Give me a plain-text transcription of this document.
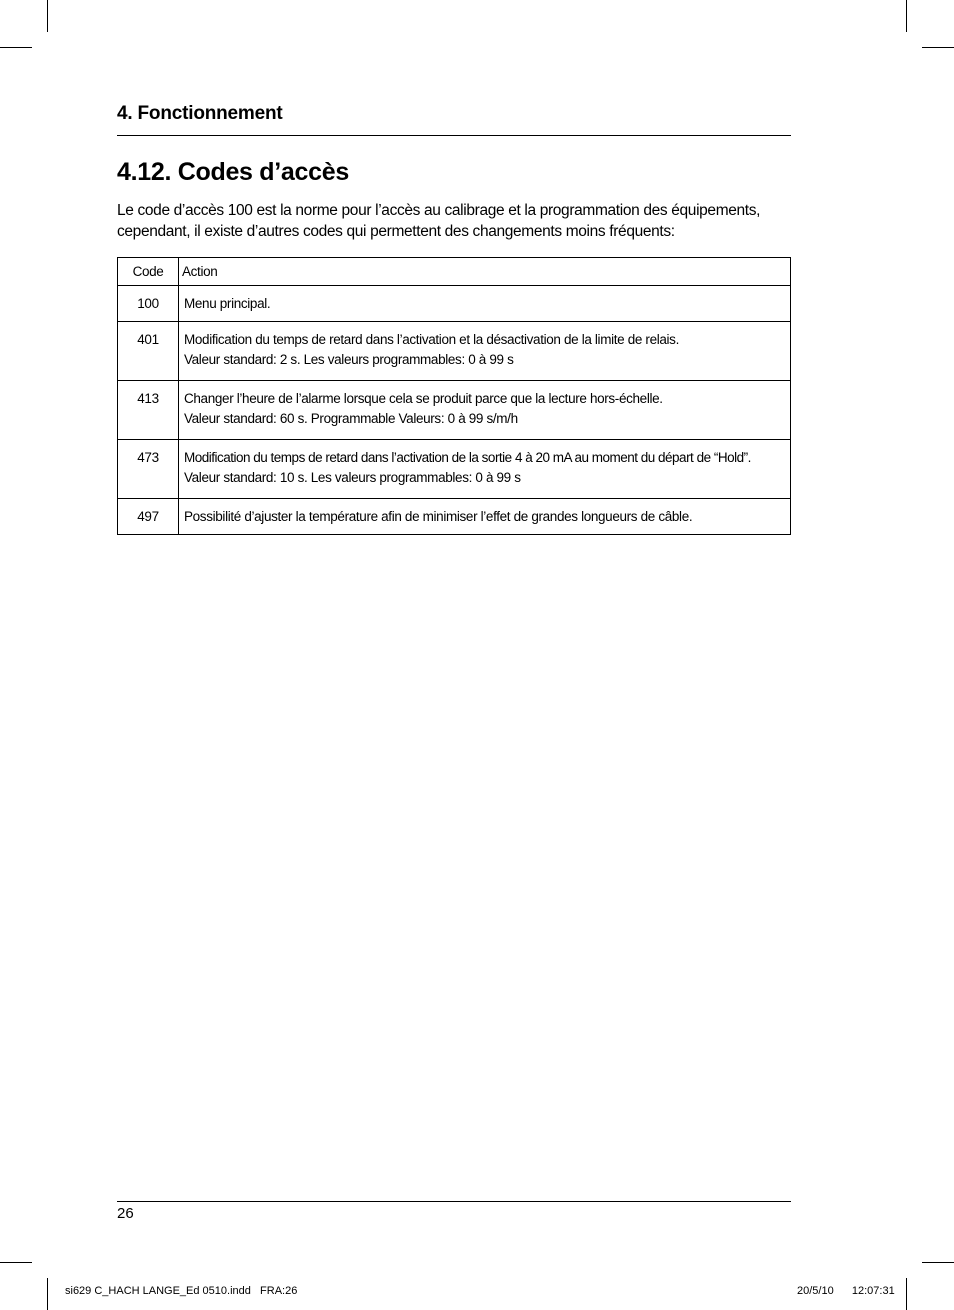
4. Fonctionnement
4.12. Codes d’accès
Le code d’accès 100 est la norme pour l’accès au calibrage et la programmation des équipements, cependant, il existe d’autres codes qui permettent des changements moins fréquents:
Code	Action
100	Menu principal.

401	Modification du temps de retard dans l’activation et la désactivation de la limite de relais.
Valeur standard: 2 s. Les valeurs programmables: 0 à 99 s

413	Changer l’heure de l’alarme lorsque cela se produit parce que la lecture hors-échelle.
Valeur standard: 60 s. Programmable Valeurs: 0 à 99 s/m/h

473	Modification du temps de retard dans l’activation de la sortie 4 à 20 mA au moment du départ de “Hold”.
Valeur standard: 10 s. Les valeurs programmables: 0 à 99 s

497	Possibilité d’ajuster la température afin de minimiser l’effet de grandes longueurs de câble.
26
si629 C_HACH LANGE_Ed 0510.indd   FRA:26	20/5/10   12:07:31
